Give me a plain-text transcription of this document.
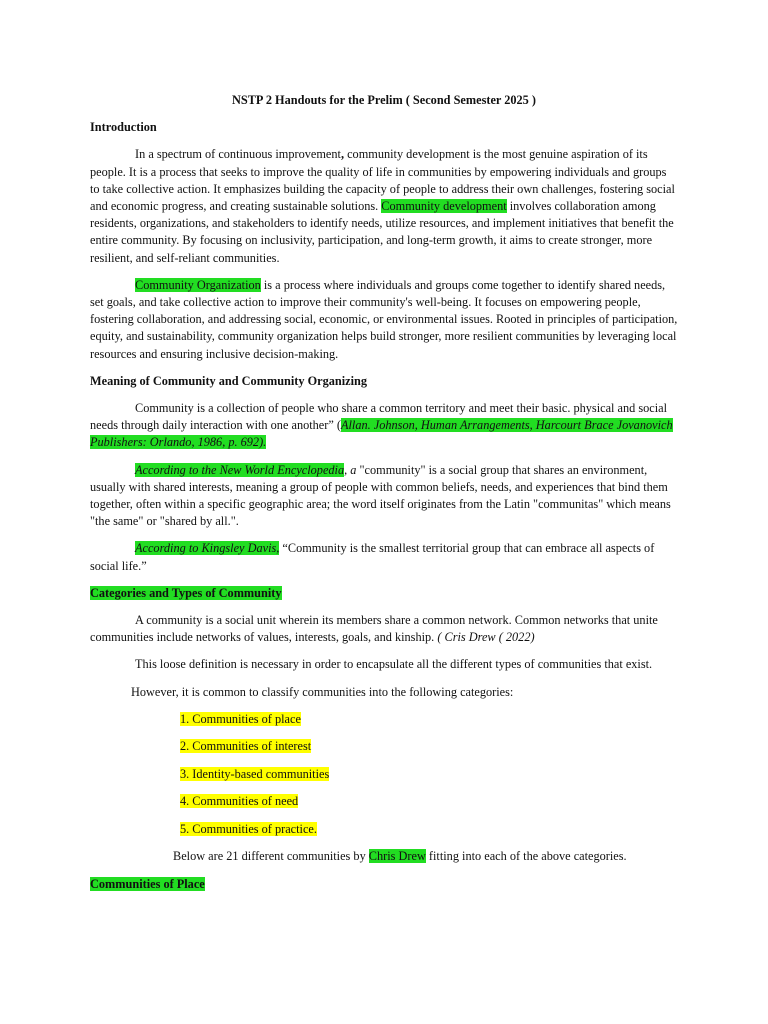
NSTP 2 Handouts for the Prelim ( Second Semester 2025 )

Introduction

In a spectrum of continuous improvement, community development is the most genuine aspiration of its people. It is a process that seeks to improve the quality of life in communities by empowering individuals and groups to take collective action. It emphasizes building the capacity of people to address their own challenges, fostering social and economic progress, and creating sustainable solutions. Community development involves collaboration among residents, organizations, and stakeholders to identify needs, utilize resources, and implement initiatives that benefit the entire community. By focusing on inclusivity, participation, and long-term growth, it aims to create stronger, more resilient, and self-reliant communities.

Community Organization is a process where individuals and groups come together to identify shared needs, set goals, and take collective action to improve their community's well-being. It focuses on empowering people, fostering collaboration, and addressing social, economic, or environmental issues. Rooted in principles of participation, equity, and sustainability, community organization helps build stronger, more resilient communities by leveraging local resources and ensuring inclusive decision-making.

Meaning of Community and Community Organizing

Community is a collection of people who share a common territory and meet their basic. physical and social needs through daily interaction with one another” (Allan. Johnson, Human Arrangements, Harcourt Brace Jovanovich Publishers: Orlando, 1986, p. 692).

According to the New World Encyclopedia, a "community" is a social group that shares an environment, usually with shared interests, meaning a group of people with common beliefs, needs, and experiences that bind them together, often within a specific geographic area; the word itself originates from the Latin "communitas" which means "the same" or "shared by all.".

According to Kingsley Davis, “Community is the smallest territorial group that can embrace all aspects of social life.”

Categories and Types of Community

A community is a social unit wherein its members share a common network. Common networks that unite communities include networks of values, interests, goals, and kinship. ( Cris Drew ( 2022)

This loose definition is necessary in order to encapsulate all the different types of communities that exist.

However, it is common to classify communities into the following categories:

1. Communities of place

2. Communities of interest

3. Identity-based communities

4. Communities of need

5. Communities of practice.

Below are 21 different communities by Chris Drew fitting into each of the above categories.

Communities of Place
